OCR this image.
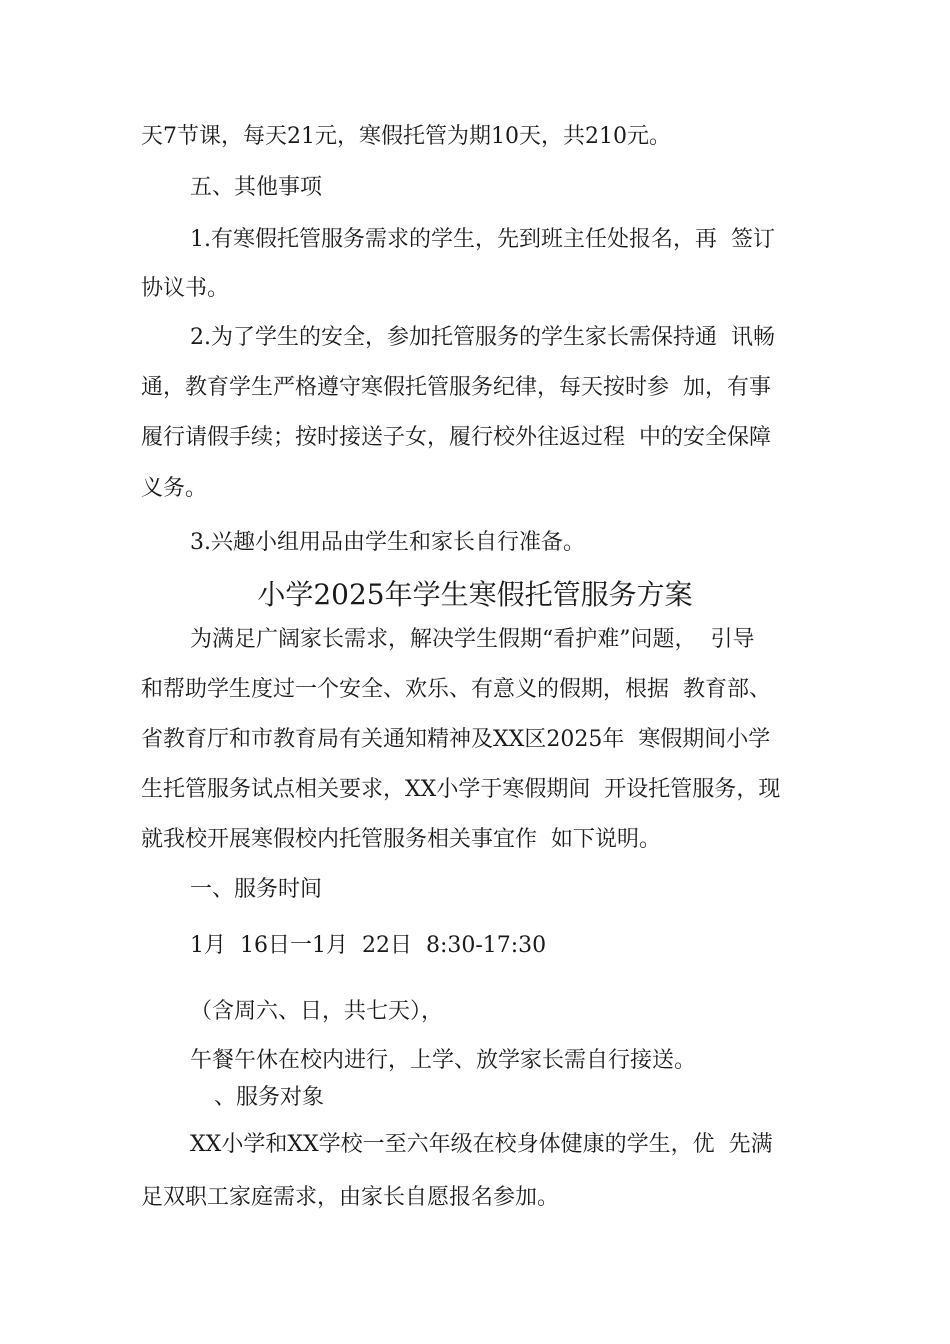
天7节课，每天21元，寒假托管为期10天，共210元。
五、其他事项
1.有寒假托管服务需求的学生，先到班主任处报名，再  签订
协议书。
2.为了学生的安全，参加托管服务的学生家长需保持通  讯畅
通，教育学生严格遵守寒假托管服务纪律，每天按时参  加，有事
履行请假手续；按时接送子女，履行校外往返过程  中的安全保障
义务。
3.兴趣小组用品由学生和家长自行准备。
小学2025年学生寒假托管服务方案
为满足广阔家长需求，解决学生假期“看护难”问题，  引导
和帮助学生度过一个安全、欢乐、有意义的假期，根据  教育部、
省教育厅和市教育局有关通知精神及XX区2025年  寒假期间小学
生托管服务试点相关要求，XX小学于寒假期间  开设托管服务，现
就我校开展寒假校内托管服务相关事宜作  如下说明。
一、服务时间
1月  16日一1月  22日  8:30-17:30
（含周六、日，共七天），
午餐午休在校内进行，上学、放学家长需自行接送。
、服务对象
XX小学和XX学校一至六年级在校身体健康的学生，优  先满
足双职工家庭需求，由家长自愿报名参加。
